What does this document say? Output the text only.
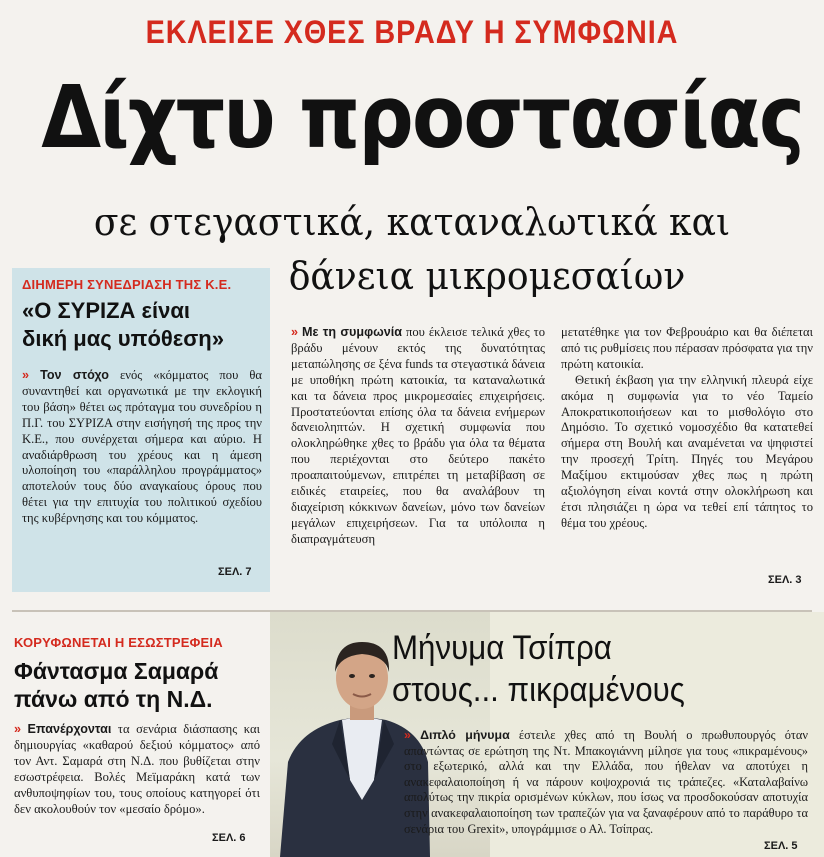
ΕΚΛΕΙΣΕ ΧΘΕΣ ΒΡΑΔΥ Η ΣΥΜΦΩΝΙΑ
Δίχτυ προστασίας
σε στεγαστικά, καταναλωτικά και
δάνεια μικρομεσαίων
ΔΙΗΜΕΡΗ ΣΥΝΕΔΡΙΑΣΗ ΤΗΣ Κ.Ε.
«Ο ΣΥΡΙΖΑ είναι
δική μας υπόθεση»
» Τον στόχο ενός «κόμματος που θα συναντηθεί και οργανωτικά με την εκλογική του βάση» θέτει ως πρόταγμα του συνεδρίου η Π.Γ. του ΣΥΡΙΖΑ στην εισήγησή της προς την Κ.Ε., που συνέρχεται σήμερα και αύριο. Η αναδιάρθρωση του χρέους και η άμεση υλοποίηση του «παράλληλου προγράμματος» αποτελούν τους δύο αναγκαίους όρους που θέτει για την επιτυχία του πολιτικού σχεδίου της κυβέρνησης και του κόμματος.
ΣΕΛ. 7
» Με τη συμφωνία που έκλεισε τελικά χθες το βράδυ μένουν εκτός της δυνατότητας μεταπώλησης σε ξένα funds τα στεγαστικά δάνεια με υποθήκη πρώτη κατοικία, τα καταναλωτικά και τα δάνεια προς μικρομεσαίες επιχειρήσεις. Προστατεύονται επίσης όλα τα δάνεια ενήμερων δανειοληπτών. Η σχετική συμφωνία που ολοκληρώθηκε χθες το βράδυ για όλα τα θέματα που περιέχονται στο δεύτερο πακέτο προαπαιτούμενων, επιτρέπει τη μεταβίβαση σε ειδικές εταιρείες, που θα αναλάβουν τη διαχείριση κόκκινων δανείων, μόνο των δανείων μεγάλων επιχειρήσεων. Για τα υπόλοιπα η διαπραγμάτευση
μετατέθηκε για τον Φεβρουάριο και θα διέπεται από τις ρυθμίσεις που πέρασαν πρόσφατα για την πρώτη κατοικία.
Θετική έκβαση για την ελληνική πλευρά είχε ακόμα η συμφωνία για το νέο Ταμείο Αποκρατικοποιήσεων και το μισθολόγιο στο Δημόσιο. Το σχετικό νομοσχέδιο θα κατατεθεί σήμερα στη Βουλή και αναμένεται να ψηφιστεί την προσεχή Τρίτη. Πηγές του Μεγάρου Μαξίμου εκτιμούσαν χθες πως η πρώτη αξιολόγηση είναι κοντά στην ολοκλήρωση και έτσι πλησιάζει η ώρα να τεθεί επί τάπητος το θέμα του χρέους.
ΣΕΛ. 3
ΚΟΡΥΦΩΝΕΤΑΙ Η ΕΣΩΣΤΡΕΦΕΙΑ
Φάντασμα Σαμαρά
πάνω από τη Ν.Δ.
» Επανέρχονται τα σενάρια διάσπασης και δημιουργίας «καθαρού δεξιού κόμματος» από τον Αντ. Σαμαρά στη Ν.Δ. που βυθίζεται στην εσωστρέφεια. Βολές Μεϊμαράκη κατά των ανθυποψηφίων του, τους οποίους κατηγορεί ότι δεν ακολουθούν τον «μεσαίο δρόμο».
ΣΕΛ. 6
Μήνυμα Τσίπρα
στους... πικραμένους
» Διπλό μήνυμα έστειλε χθες από τη Βουλή ο πρωθυπουργός όταν απαντώντας σε ερώτηση της Ντ. Μπακογιάννη μίλησε για τους «πικραμένους» στο εξωτερικό, αλλά και την Ελλάδα, που ήθελαν να αποτύχει η ανακεφαλαιοποίηση ή να πάρουν κοψοχρονιά τις τράπεζες. «Καταλαβαίνω απολύτως την πικρία ορισμένων κύκλων, που ίσως να προσδοκούσαν αποτυχία στην ανακεφαλαιοποίηση των τραπεζών για να ξαναφέρουν από το παράθυρο τα σενάρια του Grexit», υπογράμμισε ο Αλ. Τσίπρας.
ΣΕΛ. 5
